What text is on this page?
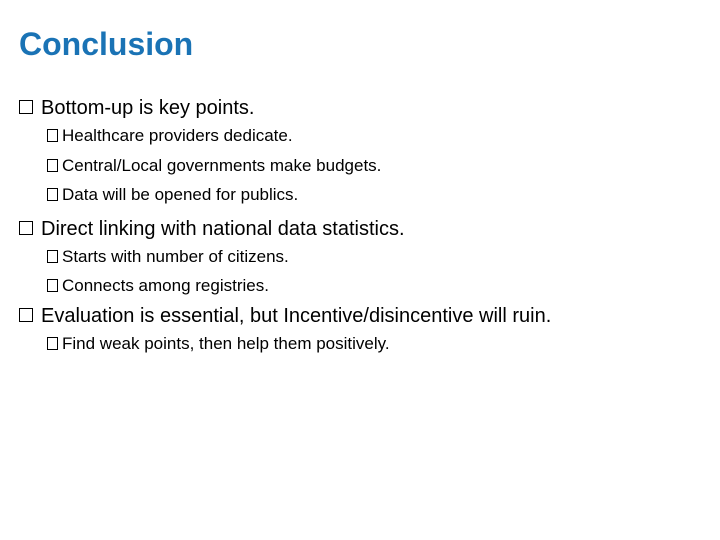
Conclusion
Bottom-up is key points.
Healthcare providers dedicate.
Central/Local governments make budgets.
Data will be opened for publics.
Direct linking with national data statistics.
Starts with number of citizens.
Connects among registries.
Evaluation is essential, but Incentive/disincentive will ruin.
Find weak points, then help them positively.
